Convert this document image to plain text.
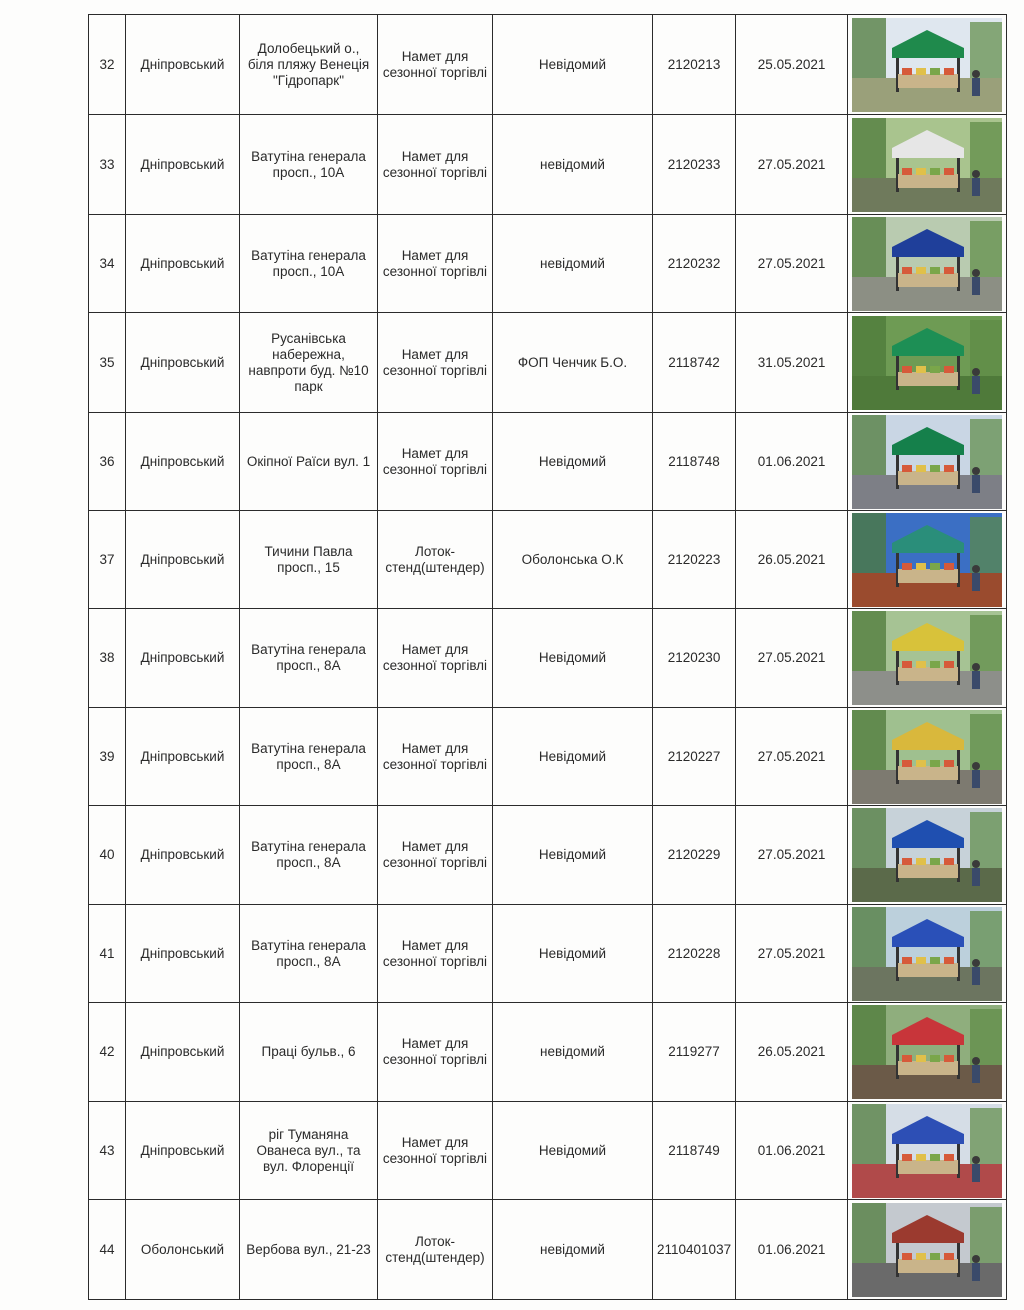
32	Дніпровський	Долобецький о., біля пляжу Венеція "Гідропарк"	Намет для сезонної торгівлі	Невідомий	2120213	25.05.2021	

33	Дніпровський	Ватутіна генерала просп., 10А	Намет для сезонної торгівлі	невідомий	2120233	27.05.2021	

34	Дніпровський	Ватутіна генерала просп., 10А	Намет для сезонної торгівлі	невідомий	2120232	27.05.2021	

35	Дніпровський	Русанівська набережна, навпроти буд. №10 парк	Намет для сезонної торгівлі	ФОП Ченчик Б.О.	2118742	31.05.2021	

36	Дніпровський	Окіпної Раїси вул. 1	Намет для сезонної торгівлі	Невідомий	2118748	01.06.2021	

37	Дніпровський	Тичини Павла просп., 15	Лоток-стенд(штендер)	Оболонська О.К	2120223	26.05.2021	

38	Дніпровський	Ватутіна генерала просп., 8А	Намет для сезонної торгівлі	Невідомий	2120230	27.05.2021	

39	Дніпровський	Ватутіна генерала просп., 8А	Намет для сезонної торгівлі	Невідомий	2120227	27.05.2021	

40	Дніпровський	Ватутіна генерала просп., 8А	Намет для сезонної торгівлі	Невідомий	2120229	27.05.2021	

41	Дніпровський	Ватутіна генерала просп., 8А	Намет для сезонної торгівлі	Невідомий	2120228	27.05.2021	

42	Дніпровський	Праці бульв., 6	Намет для сезонної торгівлі	невідомий	2119277	26.05.2021	

43	Дніпровський	ріг Туманяна Ованеса вул., та вул. Флоренції	Намет для сезонної торгівлі	Невідомий	2118749	01.06.2021	

44	Оболонський	Вербова вул., 21-23	Лоток-стенд(штендер)	невідомий	2110401037	01.06.2021	
